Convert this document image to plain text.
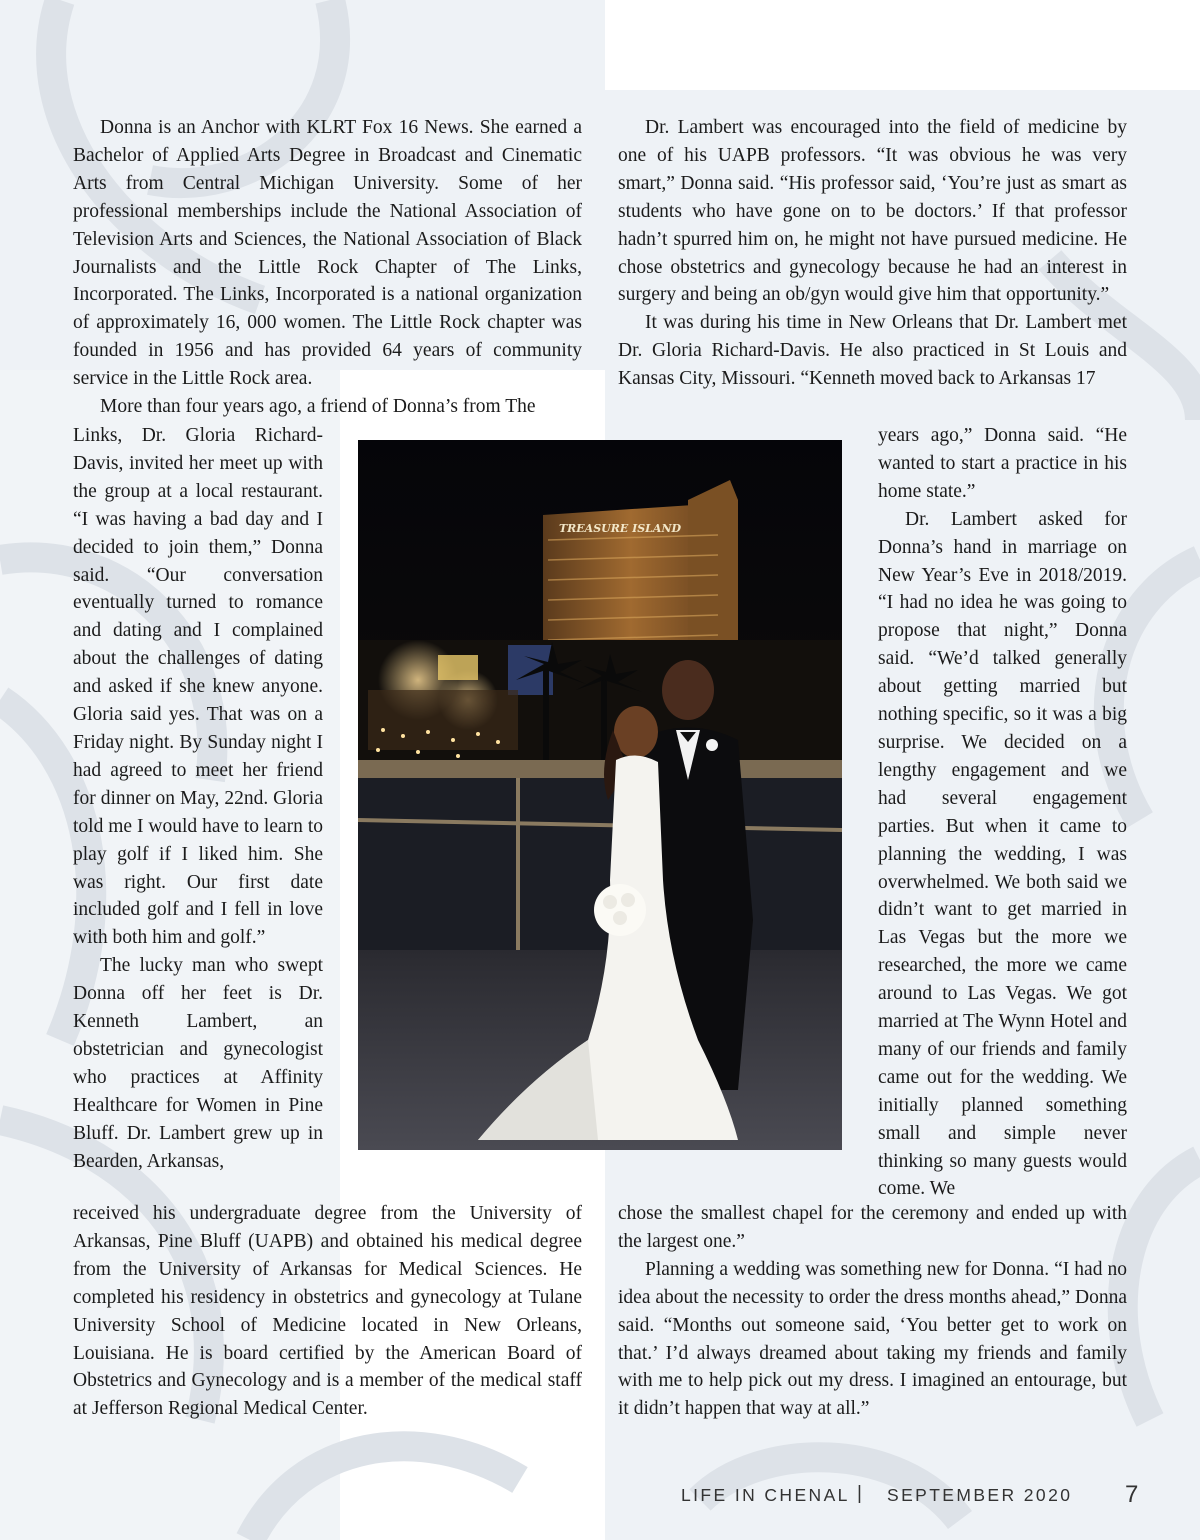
Donna is an Anchor with KLRT Fox 16 News. She earned a Bachelor of Applied Arts Degree in Broadcast and Cinematic Arts from Central Michigan University. Some of her professional memberships include the National Association of Television Arts and Sciences, the National Association of Black Journalists and the Little Rock Chapter of The Links, Incorporated. The Links, Incorporated is a national organization of approximately 16, 000 women. The Little Rock chapter was founded in 1956 and has provided 64 years of community service in the Little Rock area.

More than four years ago, a friend of Donna’s from The

Links, Dr. Gloria Richard-Davis, invited her meet up with the group at a local restaurant. “I was having a bad day and I decided to join them,” Donna said. “Our conversation eventually turned to romance and dating and I complained about the challenges of dating and asked if she knew anyone. Gloria said yes. That was on a Friday night. By Sunday night I had agreed to meet her friend for dinner on May, 22nd. Gloria told me I would have to learn to play golf if I liked him. She was right. Our first date included golf and I fell in love with both him and golf.”

The lucky man who swept Donna off her feet is Dr. Kenneth Lambert, an obstetrician and gynecologist who practices at Affinity Healthcare for Women in Pine Bluff. Dr. Lambert grew up in Bearden, Arkansas,

received his undergraduate degree from the University of Arkansas, Pine Bluff (UAPB) and obtained his medical degree from the University of Arkansas for Medical Sciences. He completed his residency in obstetrics and gynecology at Tulane University School of Medicine located in New Orleans, Louisiana. He is board certified by the American Board of Obstetrics and Gynecology and is a member of the medical staff at Jefferson Regional Medical Center.

Dr. Lambert was encouraged into the field of medicine by one of his UAPB professors. “It was obvious he was very smart,” Donna said. “His professor said, ‘You’re just as smart as students who have gone on to be doctors.’ If that professor hadn’t spurred him on, he might not have pursued medicine. He chose obstetrics and gynecology because he had an interest in surgery and being an ob/gyn would give him that opportunity.”

It was during his time in New Orleans that Dr. Lambert met Dr. Gloria Richard-Davis. He also practiced in St Louis and Kansas City, Missouri. “Kenneth moved back to Arkansas 17

years ago,” Donna said. “He wanted to start a practice in his home state.”

Dr. Lambert asked for Donna’s hand in marriage on New Year’s Eve in 2018/2019. “I had no idea he was going to propose that night,” Donna said. “We’d talked generally about getting married but nothing specific, so it was a big surprise. We decided on a lengthy engagement and we had several engagement parties. But when it came to planning the wedding, I was overwhelmed. We both said we didn’t want to get married in Las Vegas but the more we researched, the more we came around to Las Vegas. We got married at The Wynn Hotel and many of our friends and family came out for the wedding. We initially planned something small and simple never thinking so many guests would come. We

chose the smallest chapel for the ceremony and ended up with the largest one.”

Planning a wedding was something new for Donna. “I had no idea about the necessity to order the dress months ahead,” Donna said. “Months out someone said, ‘You better get to work on that.’ I’d always dreamed about taking my friends and family with me to help pick out my dress. I imagined an entourage, but it didn’t happen that way at all.”

TREASURE ISLAND
LIFE IN CHENAL | SEPTEMBER 2020 7
